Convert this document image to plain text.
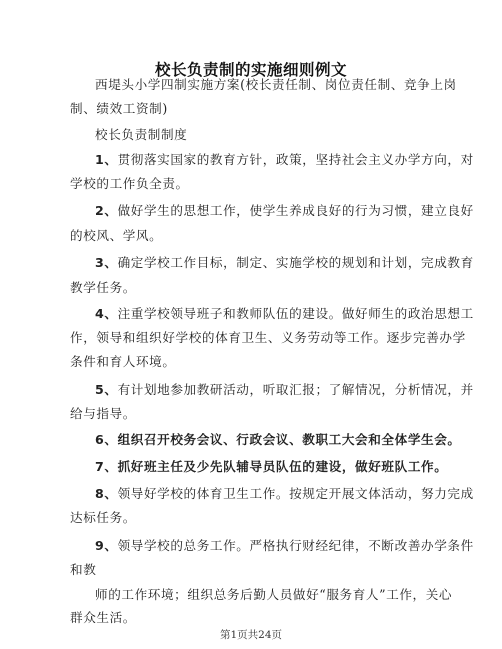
校长负责制的实施细则例文
西堤头小学四制实施方案(校长责任制、岗位责任制、竞争上岗
制、绩效工资制)
校长负责制制度
1、贯彻落实国家的教育方针，政策，坚持社会主义办学方向，对
学校的工作负全责。
2、做好学生的思想工作，使学生养成良好的行为习惯，建立良好
的校风、学风。
3、确定学校工作目标，制定、实施学校的规划和计划，完成教育
教学任务。
4、注重学校领导班子和教师队伍的建设。做好师生的政治思想工
作，领导和组织好学校的体育卫生、义务劳动等工作。逐步完善办学
条件和育人环境。
5、有计划地参加教研活动，听取汇报；了解情况，分析情况，并
给与指导。
6、组织召开校务会议、行政会议、教职工大会和全体学生会。
7、抓好班主任及少先队辅导员队伍的建设，做好班队工作。
8、领导好学校的体育卫生工作。按规定开展文体活动，努力完成
达标任务。
9、领导学校的总务工作。严格执行财经纪律，不断改善办学条件
和教
师的工作环境；组织总务后勤人员做好“服务育人”工作，关心
群众生活。
第1页共24页
